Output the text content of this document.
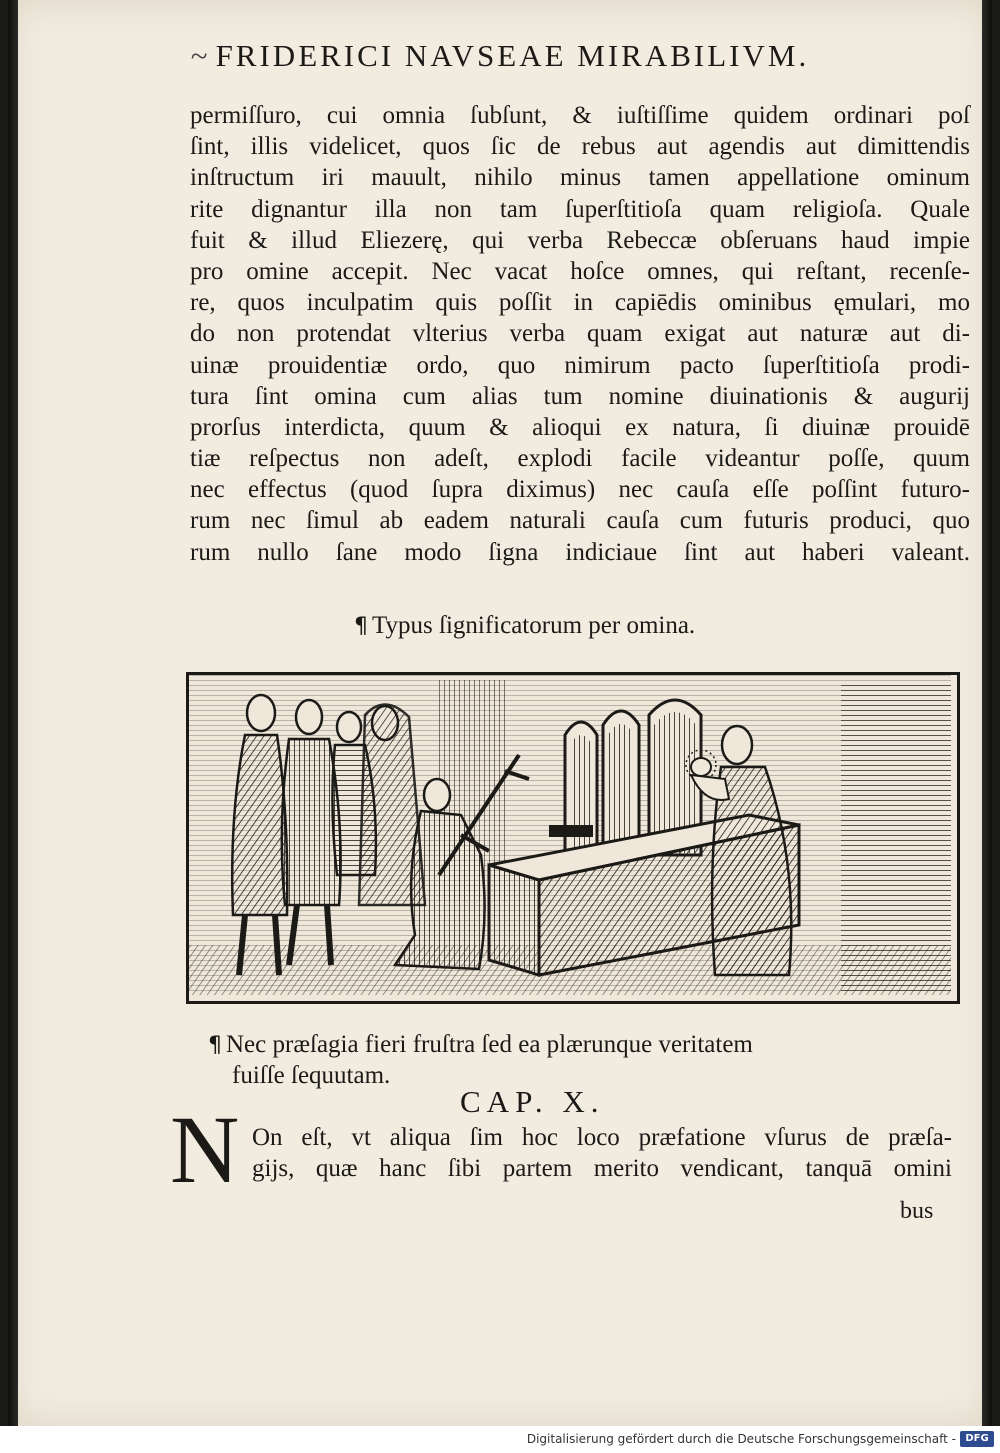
~ FRIDERICI NAVSEAE MIRABILIVM.
permiſſuro, cui omnia ſubſunt, & iuſtiſſime quidem ordinari poſ
ſint, illis videlicet, quos ſic de rebus aut agendis aut dimittendis
inſtructum iri mauult, nihilo minus tamen appellatione ominum
rite dignantur illa non tam ſuperſtitioſa quam religioſa. Quale
fuit & illud Eliezerę, qui verba Rebeccæ obſeruans haud impie
pro omine accepit. Nec vacat hoſce omnes, qui reſtant, recenſe-
re, quos inculpatim quis poſſit in capiēdis ominibus ęmulari, mo
do non protendat vlterius verba quam exigat aut naturæ aut di-
uinæ prouidentiæ ordo, quo nimirum pacto ſuperſtitioſa prodi-
tura ſint omina cum alias tum nomine diuinationis & augurij
prorſus interdicta, quum & alioqui ex natura, ſi diuinæ prouidē
tiæ reſpectus non adeſt, explodi facile videantur poſſe, quum
nec effectus (quod ſupra diximus) nec cauſa eſſe poſſint futuro-
rum nec ſimul ab eadem naturali cauſa cum futuris produci, quo
rum nullo ſane modo ſigna indiciaue ſint aut haberi valeant.
¶ Typus ſignificatorum per omina.
¶ Nec præſagia fieri fruſtra ſed ea plærunque veritatem
fuiſſe ſequutam.
CAP. X.
N On eſt, vt aliqua ſim hoc loco præfatione vſurus de præſa-
gijs, quæ hanc ſibi partem merito vendicant, tanquā omini
bus
Digitalisierung gefördert durch die Deutsche Forschungsgemeinschaft - DFG
